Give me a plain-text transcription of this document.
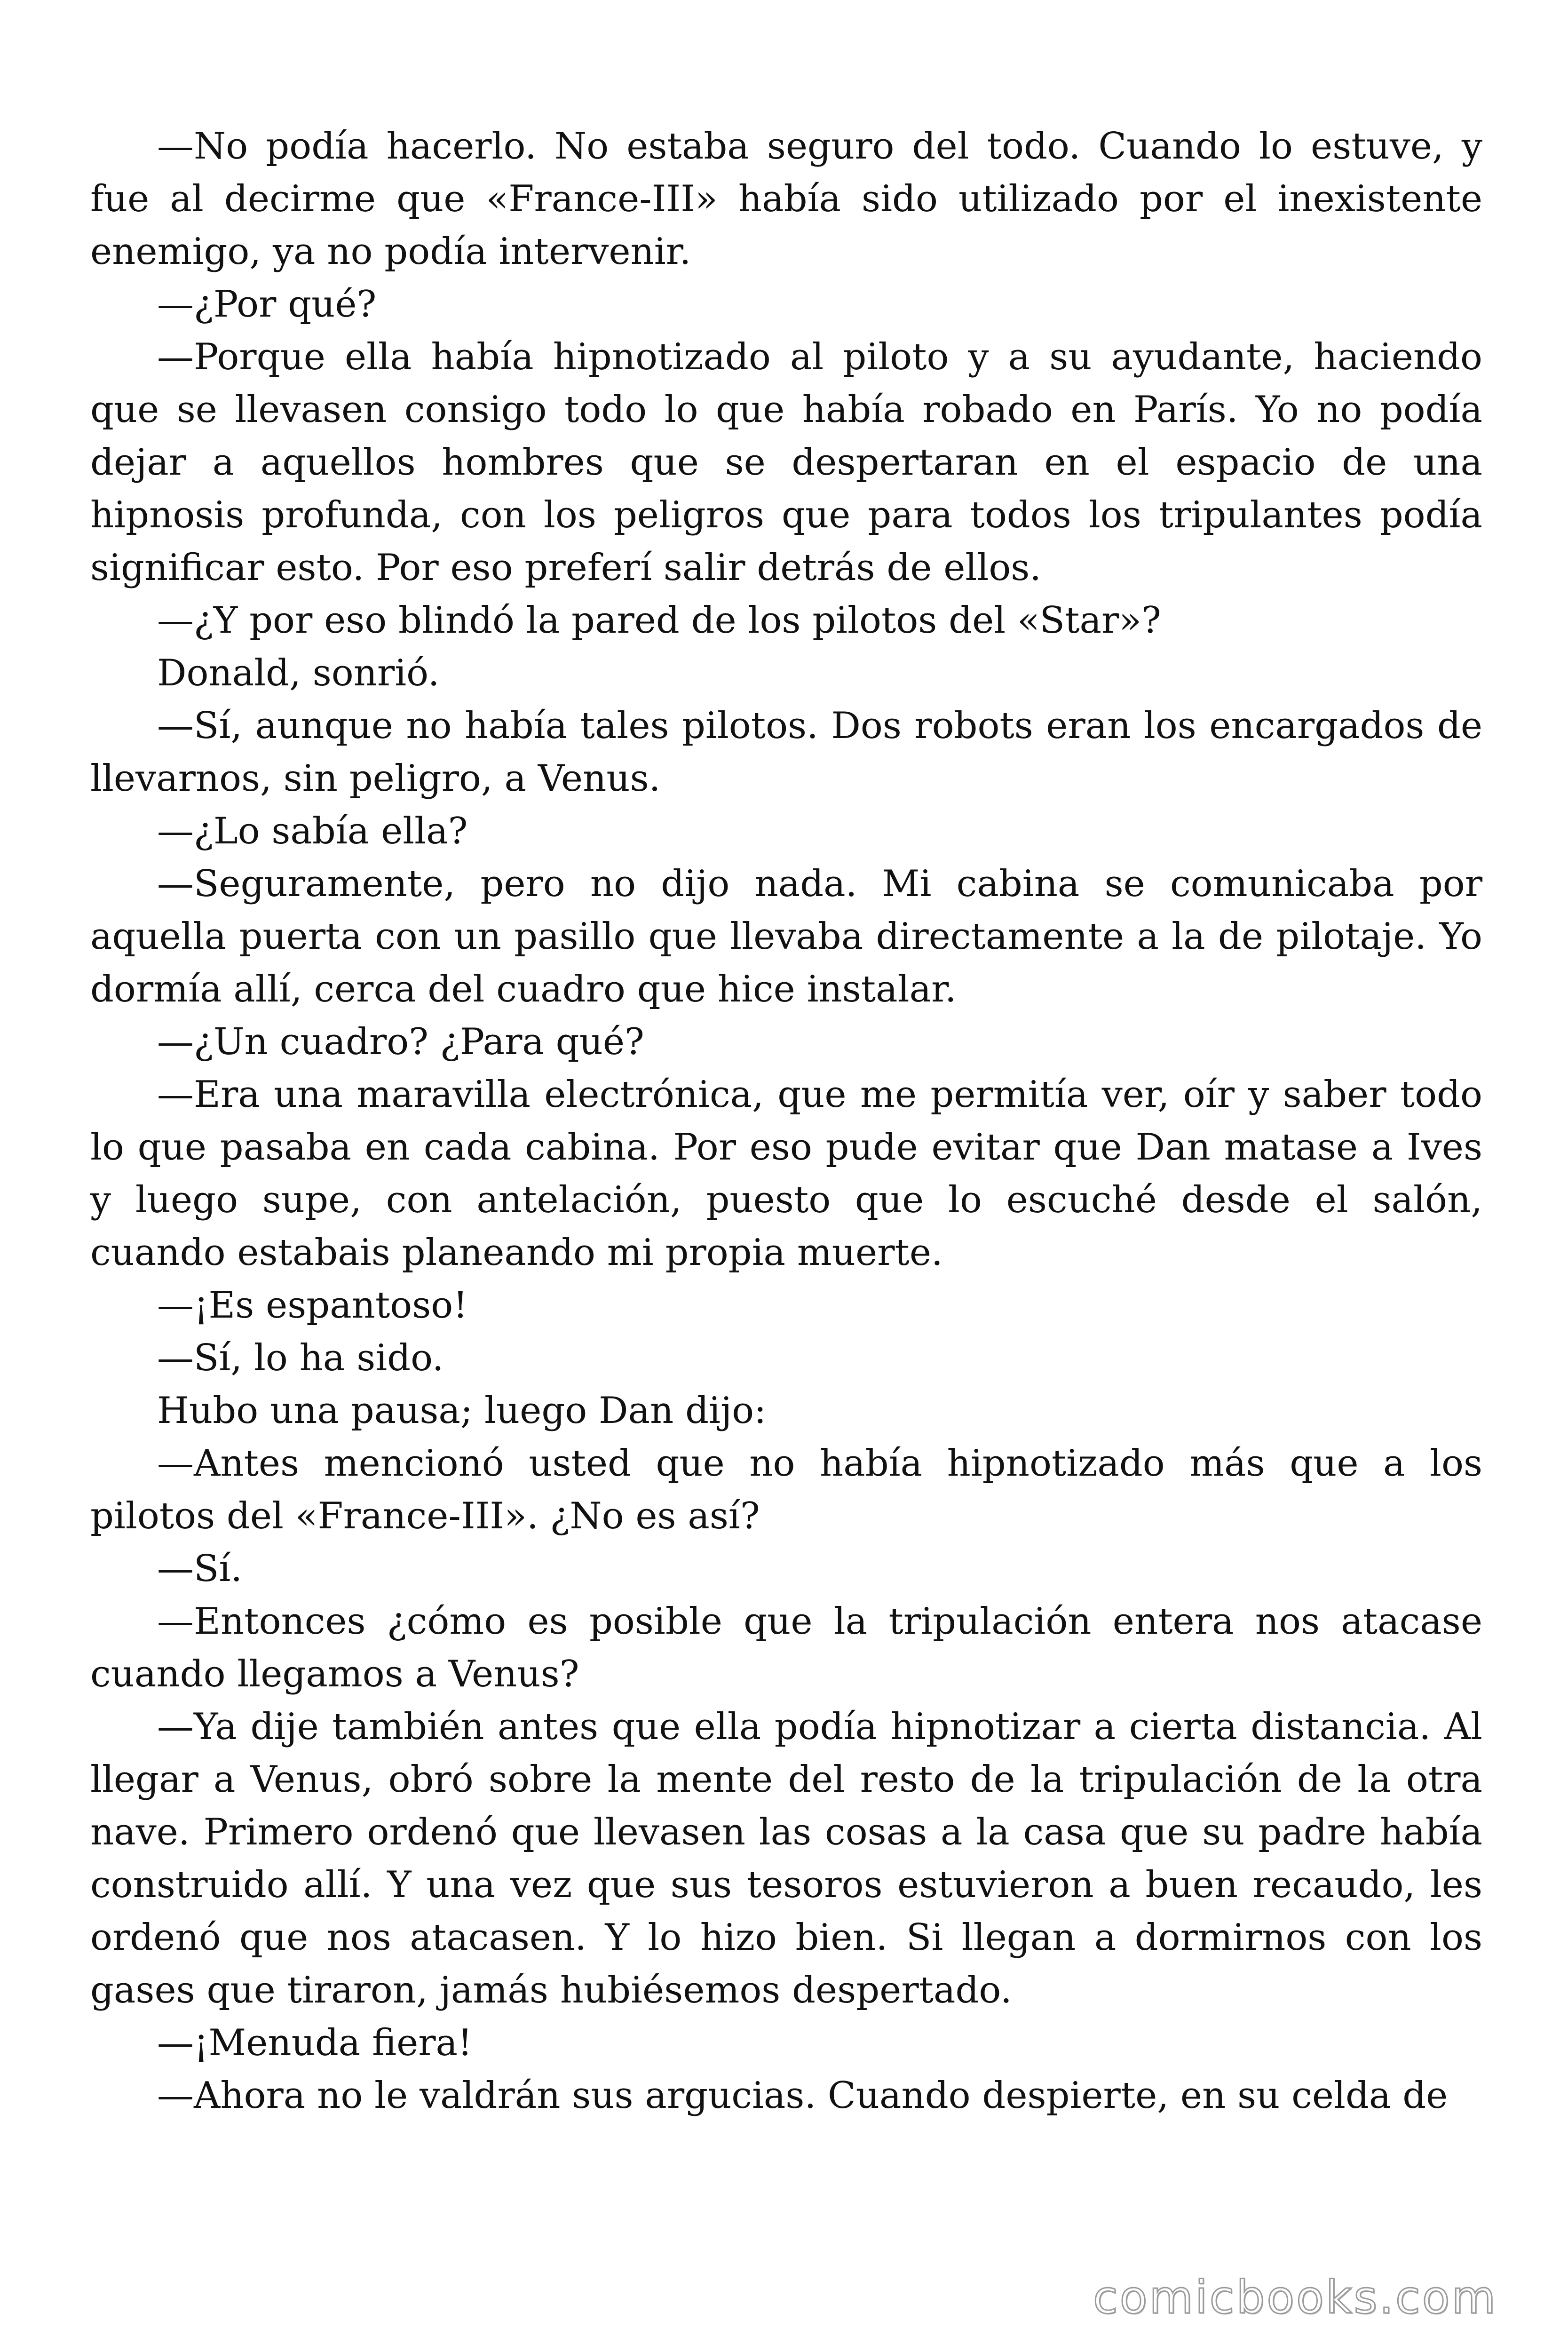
—No podía hacerlo. No estaba seguro del todo. Cuando lo estuve, y fue al decirme que «France-III» había sido utilizado por el inexistente enemigo, ya no podía intervenir.

—¿Por qué?

—Porque ella había hipnotizado al piloto y a su ayudante, haciendo que se llevasen consigo todo lo que había robado en París. Yo no podía dejar a aquellos hombres que se despertaran en el espacio de una hipnosis profunda, con los peligros que para todos los tripulantes podía significar esto. Por eso preferí salir detrás de ellos.

—¿Y por eso blindó la pared de los pilotos del «Star»?

Donald, sonrió.

—Sí, aunque no había tales pilotos. Dos robots eran los encargados de llevarnos, sin peligro, a Venus.

—¿Lo sabía ella?

—Seguramente, pero no dijo nada. Mi cabina se comunicaba por aquella puerta con un pasillo que llevaba directamente a la de pilotaje. Yo dormía allí, cerca del cuadro que hice instalar.

—¿Un cuadro? ¿Para qué?

—Era una maravilla electrónica, que me permitía ver, oír y saber todo lo que pasaba en cada cabina. Por eso pude evitar que Dan matase a Ives y luego supe, con antelación, puesto que lo escuché desde el salón, cuando estabais planeando mi propia muerte.

—¡Es espantoso!

—Sí, lo ha sido.

Hubo una pausa; luego Dan dijo:

—Antes mencionó usted que no había hipnotizado más que a los pilotos del «France-III». ¿No es así?

—Sí.

—Entonces ¿cómo es posible que la tripulación entera nos atacase cuando llegamos a Venus?

—Ya dije también antes que ella podía hipnotizar a cierta distancia. Al llegar a Venus, obró sobre la mente del resto de la tripulación de la otra nave. Primero ordenó que llevasen las cosas a la casa que su padre había construido allí. Y una vez que sus tesoros estuvieron a buen recaudo, les ordenó que nos atacasen. Y lo hizo bien. Si llegan a dormirnos con los gases que tiraron, jamás hubiésemos despertado.

—¡Menuda fiera!

—Ahora no le valdrán sus argucias. Cuando despierte, en su celda de

comicbooks.com
